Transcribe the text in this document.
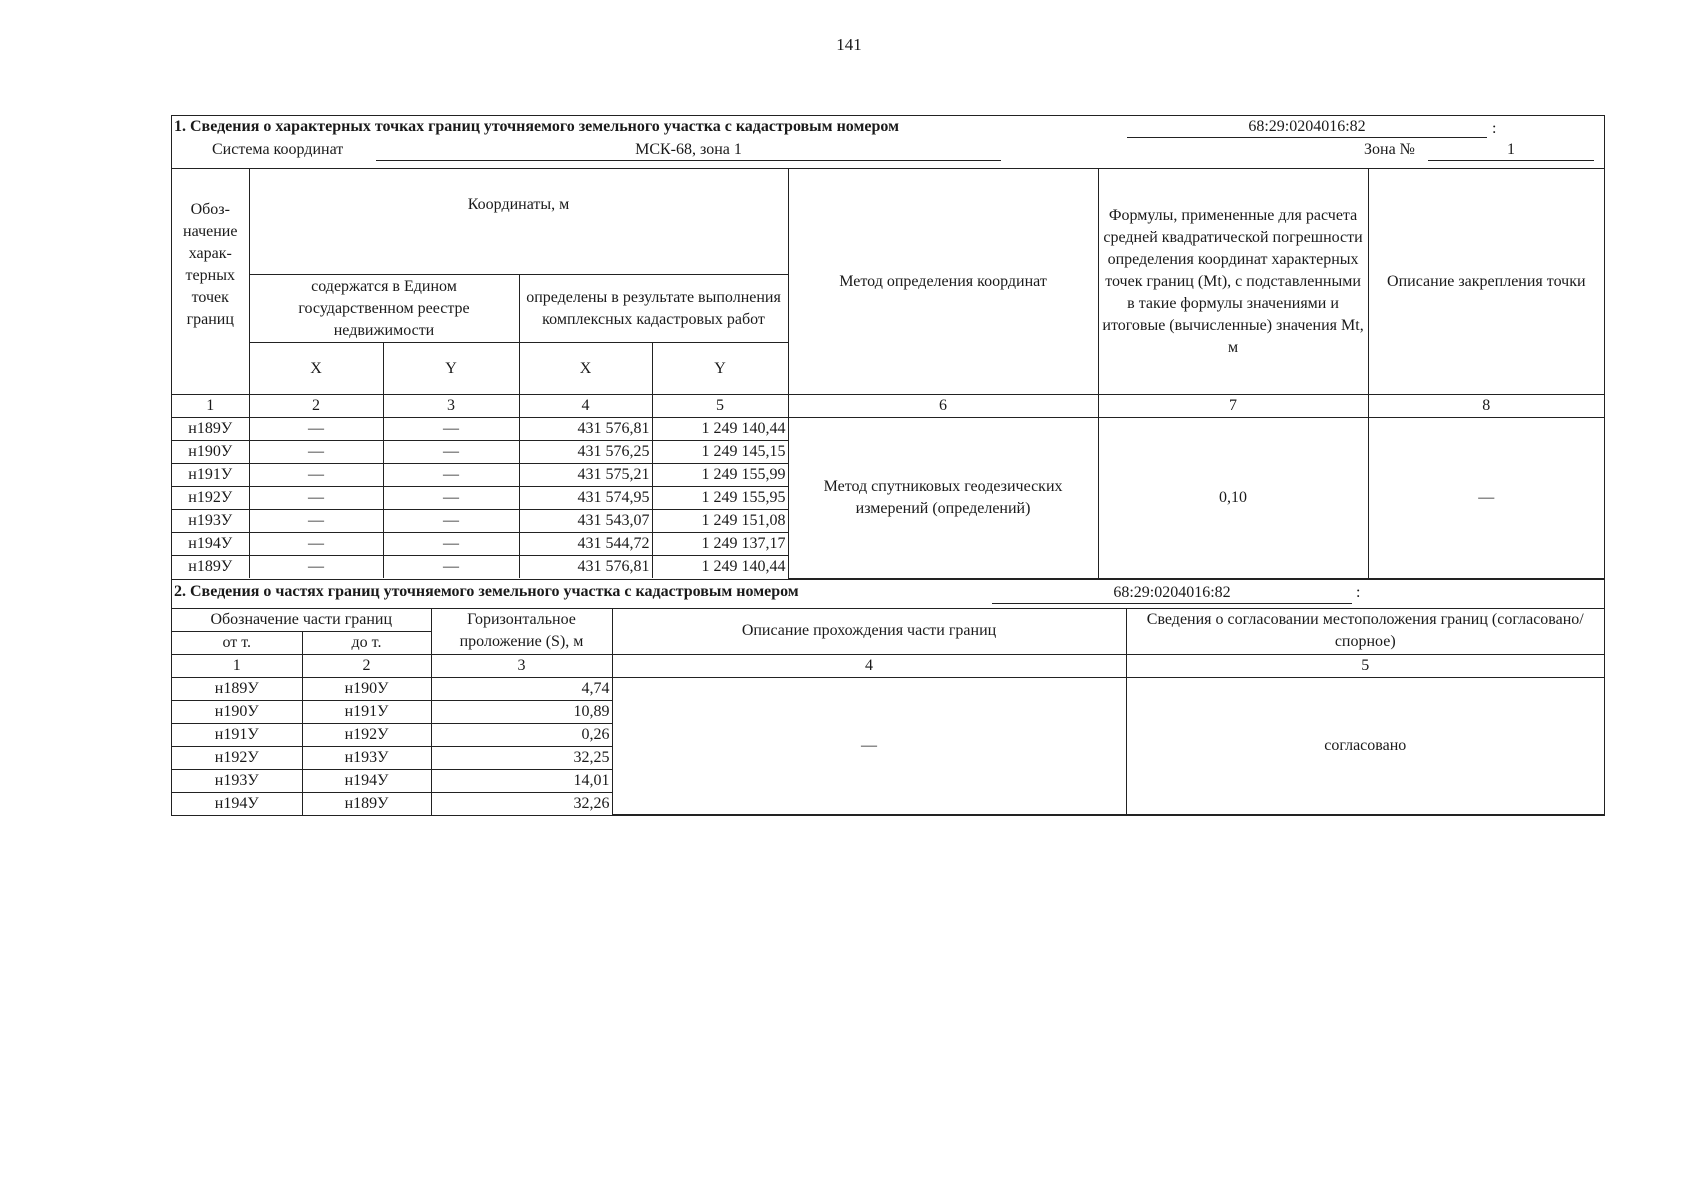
141
1. Сведения о характерных точках границ уточняемого земельного участка с кадастровым номером	68:29:0204016:82	:
Система координат	МСК-68, зона 1	Зона №	1
Обоз-начение харак-терных точек границ	Координаты, м				Метод определения координат	Формулы, примененные для расчета средней квадратической погрешности определения координат характерных точек границ (Mt), с подставленными в такие формулы значениями и итоговые (вычисленные) значения Mt, м	Описание закрепления точки
	содержатся в Едином государственном реестре недвижимости		определены в результате выполнения комплексных кадастровых работ				
	X	Y	X	Y			
1	2	3	4	5	6	7	8
н189У	—	—	431 576,81	1 249 140,44	Метод спутниковых геодезических измерений (определений)	0,10	—
н190У	—	—	431 576,25	1 249 145,15			
н191У	—	—	431 575,21	1 249 155,99			
н192У	—	—	431 574,95	1 249 155,95			
н193У	—	—	431 543,07	1 249 151,08			
н194У	—	—	431 544,72	1 249 137,17			
н189У	—	—	431 576,81	1 249 140,44			
2. Сведения о частях границ уточняемого земельного участка с кадастровым номером	68:29:0204016:82	:
Обозначение части границ		Горизонтальное проложение (S), м	Описание прохождения части границ	Сведения о согласовании местоположения границ (согласовано/спорное)
от т.	до т.			
1	2	3	4	5
н189У	н190У	4,74	—	согласовано
н190У	н191У	10,89		
н191У	н192У	0,26		
н192У	н193У	32,25		
н193У	н194У	14,01		
н194У	н189У	32,26		
